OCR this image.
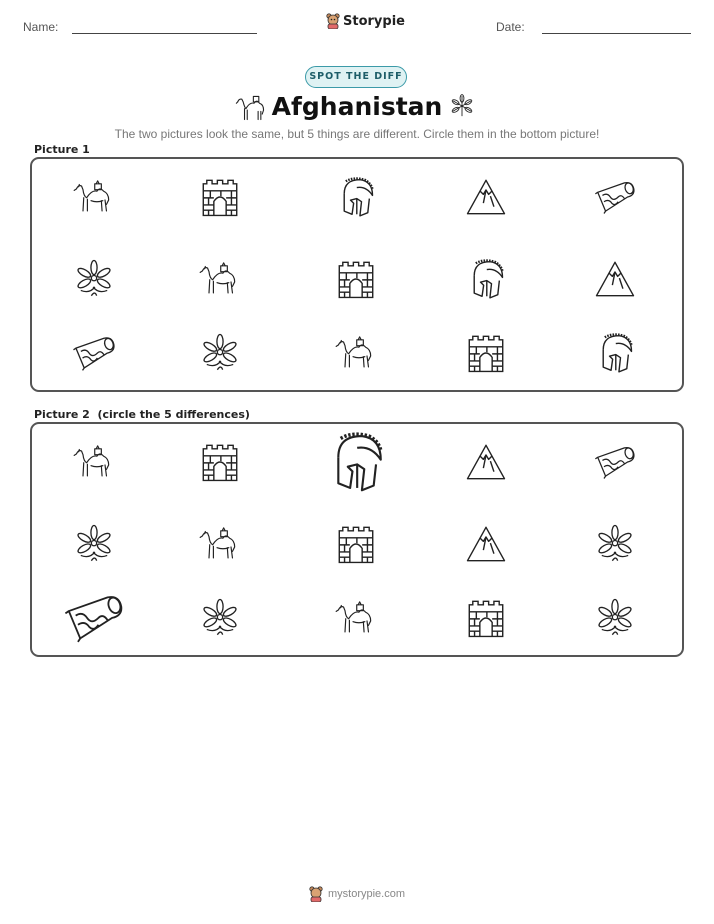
Name:	Storypie	Date:
SPOT THE DIFF
Afghanistan
The two pictures look the same, but 5 things are different. Circle them in the bottom picture!
Picture 1
Picture 2  (circle the 5 differences)
mystorypie.com
